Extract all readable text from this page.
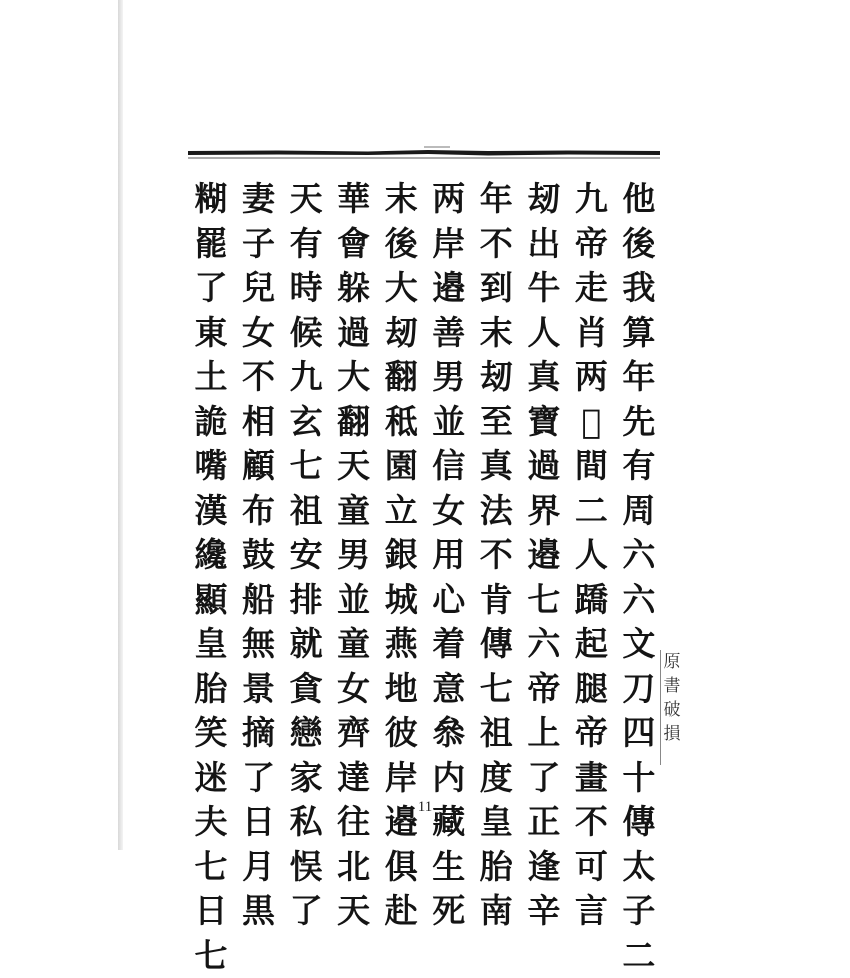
他
後
我
算
年
先
有
周
六
六
文
刀
四
十
傳
太
子
二
九
帝
走
肖
两
𠫤
間
二
人
蹻
起
腿
帝
畫
不
可
言
刼
出
牛
人
真
寶
過
界
邉
七
六
帝
上
了
正
逢
辛
年
不
到
末
刼
至
真
法
不
肯
傳
七
祖
度
皇
胎
南
两
岸
邉
善
男
並
信
女
用
心
着
意
叅
内
藏
生
死
末
後
大
刼
翻
秪
園
立
銀
城
燕
地
彼
岸
邉
俱
赴
華
會
躲
過
大
翻
天
童
男
並
童
女
齊
達
往
北
天
天
有
時
候
九
玄
七
祖
安
排
就
貪
戀
家
私
悮
了
妻
子
兒
女
不
相
顧
布
鼓
船
無
景
摘
了
日
月
黒
糊
罷
了
東
土
詭
嘴
漢
纔
顯
皇
胎
笑
迷
夫
七
日
七
原
書
破
損
11
